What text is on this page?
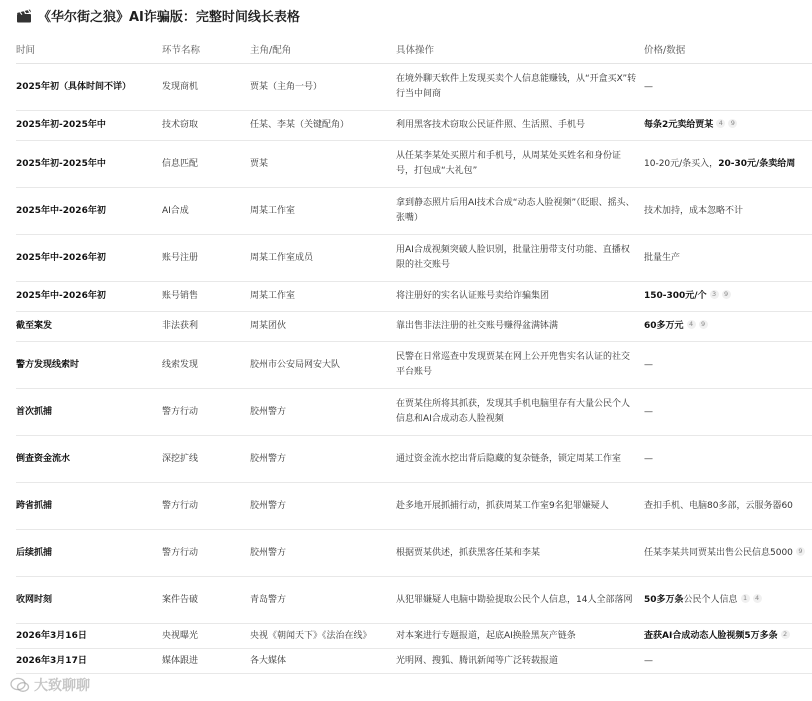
《华尔街之狼》AI诈骗版：完整时间线长表格
时间	环节名称	主角/配角	具体操作	价格/数据
2025年初（具体时间不详）	发现商机	贾某（主角一号）	在境外聊天软件上发现买卖个人信息能赚钱，从“开盒买X”转行当中间商	—
2025年初-2025年中	技术窃取	任某、李某（关键配角）	利用黑客技术窃取公民证件照、生活照、手机号	每条2元卖给贾某 4 9
2025年初-2025年中	信息匹配	贾某	从任某李某处买照片和手机号，从周某处买姓名和身份证号，打包成“大礼包”	10-20元/条买入，20-30元/条卖给周
2025年中-2026年初	AI合成	周某工作室	拿到静态照片后用AI技术合成“动态人脸视频”（眨眼、摇头、张嘴）	技术加持，成本忽略不计
2025年中-2026年初	账号注册	周某工作室成员	用AI合成视频突破人脸识别，批量注册带支付功能、直播权限的社交账号	批量生产
2025年中-2026年初	账号销售	周某工作室	将注册好的实名认证账号卖给诈骗集团	150-300元/个 3 9
截至案发	非法获利	周某团伙	靠出售非法注册的社交账号赚得盆满钵满	60多万元 4 9
警方发现线索时	线索发现	胶州市公安局网安大队	民警在日常巡查中发现贾某在网上公开兜售实名认证的社交平台账号	—
首次抓捕	警方行动	胶州警方	在贾某住所将其抓获，发现其手机电脑里存有大量公民个人信息和AI合成动态人脸视频	—
倒查资金流水	深挖扩线	胶州警方	通过资金流水挖出背后隐藏的复杂链条，锁定周某工作室	—
跨省抓捕	警方行动	胶州警方	赴多地开展抓捕行动，抓获周某工作室9名犯罪嫌疑人	查扣手机、电脑80多部，云服务器60
后续抓捕	警方行动	胶州警方	根据贾某供述，抓获黑客任某和李某	任某李某共同贾某出售公民信息5000 9
收网时刻	案件告破	青岛警方	从犯罪嫌疑人电脑中勘验提取公民个人信息，14人全部落网	50多万条公民个人信息 1 4
2026年3月16日	央视曝光	央视《朝闻天下》《法治在线》	对本案进行专题报道，起底AI换脸黑灰产链条	查获AI合成动态人脸视频5万多条 2
2026年3月17日	媒体跟进	各大媒体	光明网、搜狐、腾讯新闻等广泛转载报道	—
大致聊聊
